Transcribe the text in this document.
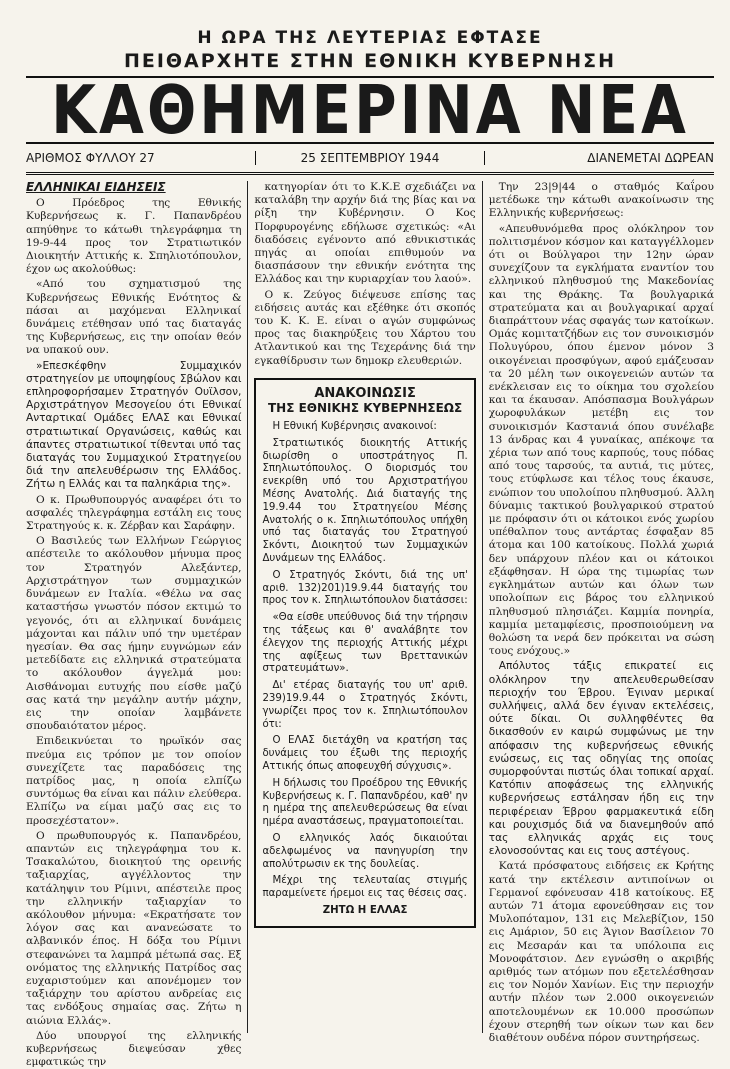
Η ΩΡΑ ΤΗΣ ΛΕΥΤΕΡΙΑΣ ΕΦΤΑΣΕ
ΠΕΙΘΑΡΧΗΤΕ ΣΤΗΝ ΕΘΝΙΚΗ ΚΥΒΕΡΝΗΣΗ
ΚΑΘΗΜΕΡΙΝΑ ΝΕΑ
ΑΡΙΘΜΟΣ ΦΥΛΛΟΥ 27	25 ΣΕΠΤΕΜΒΡΙΟΥ 1944	ΔΙΑΝΕΜΕΤΑΙ ΔΩΡΕΑΝ
ΕΛΛΗΝΙΚΑΙ ΕΙΔΗΣΕΙΣ

Ο Πρόεδρος της Εθνικής Κυβερνήσεως κ. Γ. Παπανδρέου απηύθηνε το κάτωθι τηλεγράφημα τη 19-9-44 προς τον Στρατιωτικόν Διοικητήν Αττικής κ. Σπηλιοτόπουλον, έχον ως ακολούθως:

«Από του σχηματισμού της Κυβερνήσεως Εθνικής Ενότητος & πάσαι αι μαχόμεναι Ελληνικαί δυνάμεις ετέθησαν υπό τας διαταγάς της Κυβερνήσεως, εις την οποίαν θεόν να υπακού ουν.

»Επεσκέφθην Συμμαχικόν στρατηγείον με υποψηφίους Σβώλον και επληροφορήσαμεν Στρατηγόν Ουϊλσον, Αρχιστράτηγον Μεσογείου ότι Εθνικαί Ανταρτικαί Ομάδες ΕΛΑΣ και Εθνικαί στρατιωτικαί Οργανώσεις, καθώς και άπαντες στρατιωτικοί τίθενται υπό τας διαταγάς του Συμμαχικού Στρατηγείου διά την απελευθέρωσιν της Ελλάδος. Ζήτω η Ελλάς και τα παληκάρια της».

Ο κ. Πρωθυπουργός αναφέρει ότι το ασφαλές τηλεγράφημα εστάλη εις τους Στρατηγούς κ. κ. Ζέρβαν και Σαράφην.

Ο Βασιλεύς των Ελλήνων Γεώργιος απέστειλε το ακόλουθον μήνυμα προς τον Στρατηγόν Αλεξάντερ, Αρχιστράτηγον των συμμαχικών δυνάμεων εν Ιταλία. «Θέλω να σας καταστήσω γνωστόν πόσον εκτιμώ το γεγονός, ότι αι ελληνικαί δυνάμεις μάχονται και πάλιν υπό την υμετέραν ηγεσίαν. Θα σας ήμην ευγνώμων εάν μετεδίδατε εις ελληνικά στρατεύματα το ακόλουθον άγγελμά μου: Αισθάνομαι ευτυχής που είσθε μαζύ σας κατά την μεγάλην αυτήν μάχην, εις την οποίαν λαμβάνετε σπουδαιότατον μέρος.

Επιδεικνύεται το ηρωϊκόν σας πνεύμα εις τρόπον με τον οποίον συνεχίζετε τας παραδόσεις της πατρίδος μας, η οποία ελπίζω συντόμως θα είναι και πάλιν ελεύθερα. Ελπίζω να είμαι μαζύ σας εις το προσεχέστατον».

Ο πρωθυπουργός κ. Παπανδρέου, απαντών εις τηλεγράφημα του κ. Τσακαλώτου, διοικητού της ορεινής ταξιαρχίας, αγγέλλοντος την κατάληψιν του Ρίμινι, απέστειλε προς την ελληνικήν ταξιαρχίαν το ακόλουθον μήνυμα: «Εκρατήσατε τον λόγον σας και ανανεώσατε το αλβανικόν έπος. Η δόξα του Ρίμινι στεφανώνει τα λαμπρά μέτωπά σας. Εξ ονόματος της ελληνικής Πατρίδος σας ευχαριστούμεν και απονέμομεν τον ταξιάρχην του αρίστου ανδρείας εις τας ενδόξους σημαίας σας. Ζήτω η αιώνια Ελλάς».

Δύο υπουργοί της ελληνικής κυβερνήσεως διεψεύσαν χθες εμφατικώς την

κατηγορίαν ότι το Κ.Κ.Ε σχεδιάζει να καταλάβη την αρχήν διά της βίας και να ρίξη την Κυβέρνησιν. Ο Κος Πορφυρογένης εδήλωσε σχετικώς: «Αι διαδόσεις εγένοντο από εθνικιστικάς πηγάς αι οποίαι επιθυμούν να διασπάσουν την εθνικήν ενότητα της Ελλάδος και την κυριαρχίαν του λαού».

Ο κ. Ζεύγος διέψευσε επίσης τας ειδήσεις αυτάς και εξέθηκε ότι σκοπός του Κ. Κ. Ε. είναι ο αγών συμφώνως προς τας διακηρύξεις του Χάρτου του Ατλαντικού και της Τεχεράνης διά την εγκαθίδρυσιν των δημοκρ ελευθεριών.

ΑΝΑΚΟΙΝΩΣΙΣ
ΤΗΣ ΕΘΝΙΚΗΣ ΚΥΒΕΡΝΗΣΕΩΣ

Η Εθνική Κυβέρνησις ανακοινοί:

Στρατιωτικός διοικητής Αττικής διωρίσθη ο υποστράτηγος Π. Σπηλιωτόπουλος. Ο διορισμός του ενεκρίθη υπό του Αρχιστρατήγου Μέσης Ανατολής. Διά διαταγής της 19.9.44 του Στρατηγείου Μέσης Ανατολής ο κ. Σπηλιωτόπουλος υπήχθη υπό τας διαταγάς του Στρατηγού Σκόντι, Διοικητού των Συμμαχικών Δυνάμεων της Ελλάδος.

Ο Στρατηγός Σκόντι, διά της υπ' αριθ. 132)201)19.9.44 διαταγής του προς τον κ. Σπηλιωτόπουλον διατάσσει:

«Θα είσθε υπεύθυνος διά την τήρησιν της τάξεως και θ' αναλάβητε τον έλεγχον της περιοχής Αττικής μέχρι της αφίξεως των Βρεττανικών στρατευμάτων».

Δι' ετέρας διαταγής του υπ' αριθ. 239)19.9.44 ο Στρατηγός Σκόντι, γνωρίζει προς τον κ. Σπηλιωτόπουλον ότι:

Ο ΕΛΑΣ διετάχθη να κρατήση τας δυνάμεις του έξωθι της περιοχής Αττικής όπως αποφευχθή σύγχυσις».

Η δήλωσις του Προέδρου της Εθνικής Κυβερνήσεως κ. Γ. Παπανδρέου, καθ' ην η ημέρα της απελευθερώσεως θα είναι ημέρα αναστάσεως, πραγματοποιείται.

Ο ελληνικός λαός δικαιούται αδελφωμένος να πανηγυρίση την απολύτρωσιν εκ της δουλείας.

Μέχρι της τελευταίας στιγμής παραμείνετε ήρεμοι εις τας θέσεις σας.

ΖΗΤΩ Η ΕΛΛΑΣ

Την 23|9|44 ο σταθμός Καΐρου μετέδωκε την κάτωθι ανακοίνωσιν της Ελληνικής κυβερνήσεως:

«Απευθυνόμεθα προς ολόκληρον τον πολιτισμένον κόσμον και καταγγέλλομεν ότι οι Βούλγαροι την 12ην ώραν συνεχίζουν τα εγκλήματα εναντίον του ελληνικού πληθυσμού της Μακεδονίας και της Θράκης. Τα βουλγαρικά στρατεύματα και αι βουλγαρικαί αρχαί διαπράττουν νέας σφαγάς των κατοίκων. Ομάς κομιτατζήδων εις τον συνοικισμόν Πολυγύρου, όπου έμενον μόνον 3 οικογένειαι προσφύγων, αφού εμάζευσαν τα 20 μέλη των οικογενειών αυτών τα ενέκλεισαν εις το οίκημα του σχολείου και τα έκαυσαν. Απόσπασμα Βουλγάρων χωροφυλάκων μετέβη εις τον συνοικισμόν Καστανιά όπου συνέλαβε 13 άνδρας και 4 γυναίκας, απέκοψε τα χέρια των από τους καρπούς, τους πόδας από τους ταρσούς, τα αυτιά, τις μύτες, τους ετύφλωσε και τέλος τους έκαυσε, ενώπιον του υπολοίπου πληθυσμού. Άλλη δύναμις τακτικού βουλγαρικού στρατού με πρόφασιν ότι οι κάτοικοι ενός χωρίου υπέθαλπον τους αντάρτας έσφαξαν 85 άτομα και 100 κατοίκους. Πολλά χωριά δεν υπάρχουν πλέον και οι κάτοικοι εξάφθησαν. Η ώρα της τιμωρίας των εγκλημάτων αυτών και όλων των υπολοίπων εις βάρος του ελληνικού πληθυσμού πλησιάζει. Καμμία πονηρία, καμμία μεταμφίεσις, προσποιούμενη να θολώση τα νερά δεν πρόκειται να σώση τους ενόχους.»

Απόλυτος τάξις επικρατεί εις ολόκληρον την απελευθερωθείσαν περιοχήν του Έβρου. Έγιναν μερικαί συλλήψεις, αλλά δεν έγιναν εκτελέσεις, ούτε δίκαι. Οι συλληφθέντες θα δικασθούν εν καιρώ συμφώνως με την απόφασιν της κυβερνήσεως εθνικής ενώσεως, εις τας οδηγίας της οποίας συμορφούνται πιστώς όλαι τοπικαί αρχαί. Κατόπιν αποφάσεως της ελληνικής κυβερνήσεως εστάλησαν ήδη εις την περιφέρειαν Έβρου φαρμακευτικά είδη και ρουχισμός διά να διανεμηθούν από τας ελληνικάς αρχάς εις τους ελονοσούντας και εις τους αστέγους.

Κατά πρόσφατους ειδήσεις εκ Κρήτης κατά την εκτέλεσιν αντιποίνων οι Γερμανοί εφόνευσαν 418 κατοίκους. Εξ αυτών 71 άτομα εφονεύθησαν εις τον Μυλοπόταμον, 131 εις Μελεβίζιον, 150 εις Αμάριον, 50 εις Άγιον Βασίλειον 70 εις Μεσαράν και τα υπόλοιπα εις Μονοφάτσιον. Δεν εγνώσθη ο ακριβής αριθμός των ατόμων που εξετελέσθησαν εις τον Νομόν Χανίων. Εις την περιοχήν αυτήν πλέον των 2.000 οικογενειών αποτελουμένων εκ 10.000 προσώπων έχουν στερηθή των οίκων των και δεν διαθέτουν ουδένα πόρον συντηρήσεως.
